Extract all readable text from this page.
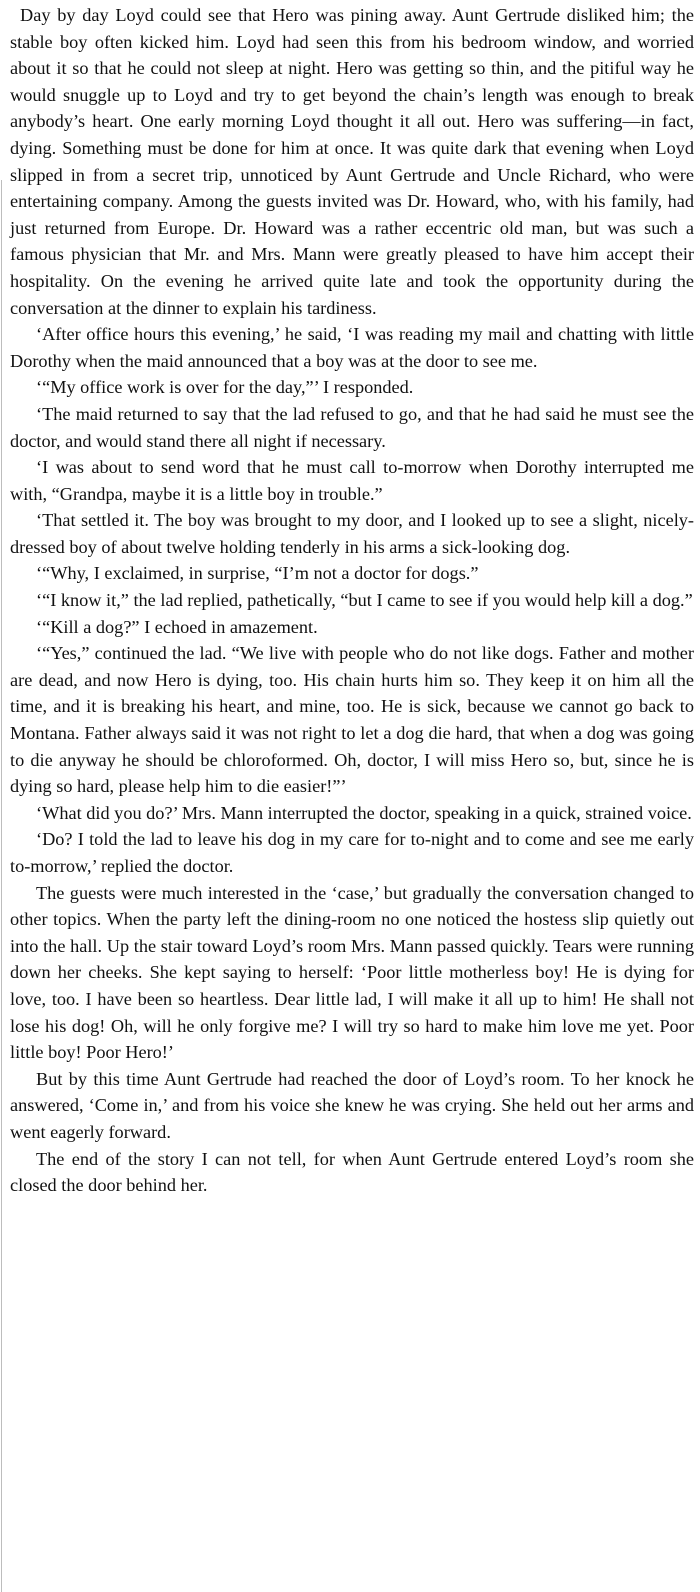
Day by day Loyd could see that Hero was pining away. Aunt Gertrude disliked him; the stable boy often kicked him. Loyd had seen this from his bedroom window, and worried about it so that he could not sleep at night. Hero was getting so thin, and the pitiful way he would snuggle up to Loyd and try to get beyond the chain’s length was enough to break anybody’s heart. One early morning Loyd thought it all out. Hero was suffering—in fact, dying. Something must be done for him at once. It was quite dark that evening when Loyd slipped in from a secret trip, unnoticed by Aunt Gertrude and Uncle Richard, who were entertaining company. Among the guests invited was Dr. Howard, who, with his family, had just returned from Europe. Dr. Howard was a rather eccentric old man, but was such a famous physician that Mr. and Mrs. Mann were greatly pleased to have him accept their hospitality. On the evening he arrived quite late and took the opportunity during the conversation at the dinner to explain his tardiness.

‘After office hours this evening,’ he said, ‘I was reading my mail and chatting with little Dorothy when the maid announced that a boy was at the door to see me.

‘“My office work is over for the day,”’ I responded.

‘The maid returned to say that the lad refused to go, and that he had said he must see the doctor, and would stand there all night if necessary.

‘I was about to send word that he must call to-morrow when Dorothy interrupted me with, “Grandpa, maybe it is a little boy in trouble.”

‘That settled it. The boy was brought to my door, and I looked up to see a slight, nicely-dressed boy of about twelve holding tenderly in his arms a sick-looking dog.

‘“Why, I exclaimed, in surprise, “I’m not a doctor for dogs.”

‘“I know it,” the lad replied, pathetically, “but I came to see if you would help kill a dog.”

‘“Kill a dog?” I echoed in amazement.

‘“Yes,” continued the lad. “We live with people who do not like dogs. Father and mother are dead, and now Hero is dying, too. His chain hurts him so. They keep it on him all the time, and it is breaking his heart, and mine, too. He is sick, because we cannot go back to Montana. Father always said it was not right to let a dog die hard, that when a dog was going to die anyway he should be chloroformed. Oh, doctor, I will miss Hero so, but, since he is dying so hard, please help him to die easier!”’

‘What did you do?’ Mrs. Mann interrupted the doctor, speaking in a quick, strained voice.

‘Do? I told the lad to leave his dog in my care for to-night and to come and see me early to-morrow,’ replied the doctor.

The guests were much interested in the ‘case,’ but gradually the conversation changed to other topics. When the party left the dining-room no one noticed the hostess slip quietly out into the hall. Up the stair toward Loyd’s room Mrs. Mann passed quickly. Tears were running down her cheeks. She kept saying to herself: ‘Poor little motherless boy! He is dying for love, too. I have been so heartless. Dear little lad, I will make it all up to him! He shall not lose his dog! Oh, will he only forgive me? I will try so hard to make him love me yet. Poor little boy! Poor Hero!’

But by this time Aunt Gertrude had reached the door of Loyd’s room. To her knock he answered, ‘Come in,’ and from his voice she knew he was crying. She held out her arms and went eagerly forward.

The end of the story I can not tell, for when Aunt Gertrude entered Loyd’s room she closed the door behind her.
